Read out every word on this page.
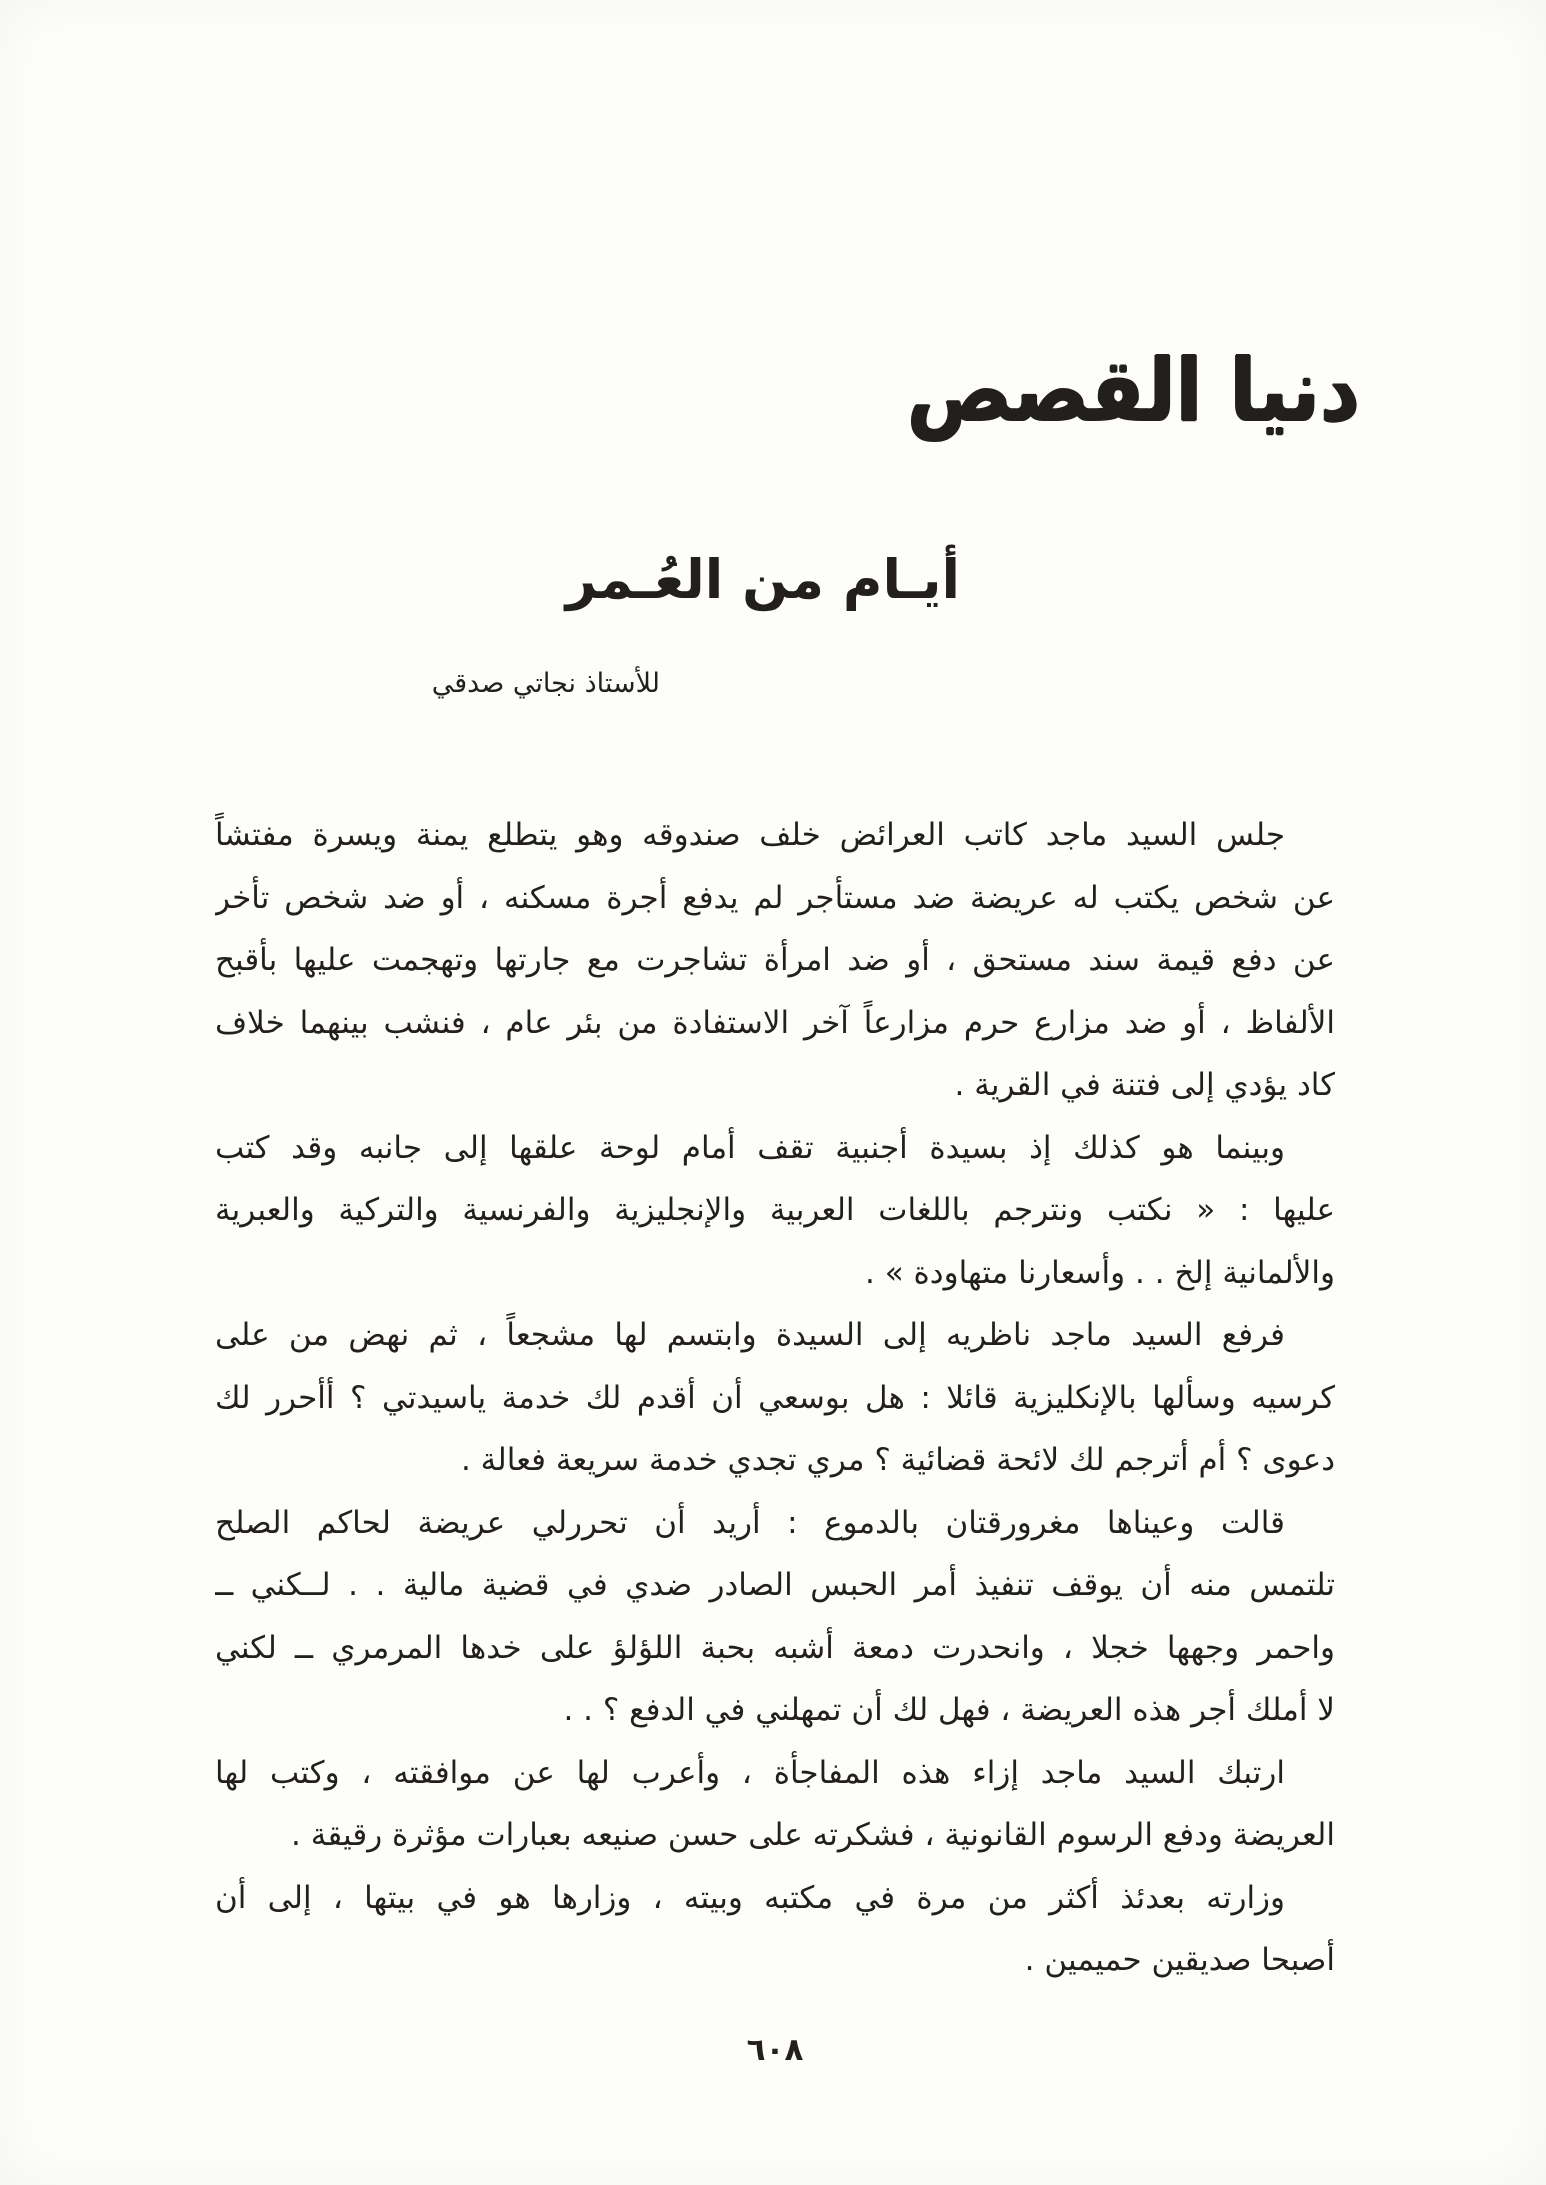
دنيا القصص
أيـام من العُـمر
للأستاذ نجاتي صدقي
جلس السيد ماجد كاتب العرائض خلف صندوقه وهو يتطلع يمنة ويسرة مفتشاً
عن شخص يكتب له عريضة ضد مستأجر لم يدفع أجرة مسكنه ، أو ضد شخص تأخر
عن دفع قيمة سند مستحق ، أو ضد امرأة تشاجرت مع جارتها وتهجمت عليها بأقبح
الألفاظ ، أو ضد مزارع حرم مزارعاً آخر الاستفادة من بئر عام ، فنشب بينهما خلاف
كاد يؤدي إلى فتنة في القرية .
وبينما هو كذلك إذ بسيدة أجنبية تقف أمام لوحة علقها إلى جانبه وقد كتب
عليها : « نكتب ونترجم باللغات العربية والإنجليزية والفرنسية والتركية والعبرية
والألمانية إلخ . . وأسعارنا متهاودة » .
فرفع السيد ماجد ناظريه إلى السيدة وابتسم لها مشجعاً ، ثم نهض من على
كرسيه وسألها بالإنكليزية قائلا : هل بوسعي أن أقدم لك خدمة ياسيدتي ؟ أأحرر لك
دعوى ؟ أم أترجم لك لائحة قضائية ؟ مري تجدي خدمة سريعة فعالة .
قالت وعيناها مغرورقتان بالدموع : أريد أن تحررلي عريضة لحاكم الصلح
تلتمس منه أن يوقف تنفيذ أمر الحبس الصادر ضدي في قضية مالية . . لــكني ــ
واحمر وجهها خجلا ، وانحدرت دمعة أشبه بحبة اللؤلؤ على خدها المرمري ــ لكني
لا أملك أجر هذه العريضة ، فهل لك أن تمهلني في الدفع ؟ . .
ارتبك السيد ماجد إزاء هذه المفاجأة ، وأعرب لها عن موافقته ، وكتب لها
العريضة ودفع الرسوم القانونية ، فشكرته على حسن صنيعه بعبارات مؤثرة رقيقة .
وزارته بعدئذ أكثر من مرة في مكتبه وبيته ، وزارها هو في بيتها ، إلى أن
أصبحا صديقين حميمين .
٦٠٨
